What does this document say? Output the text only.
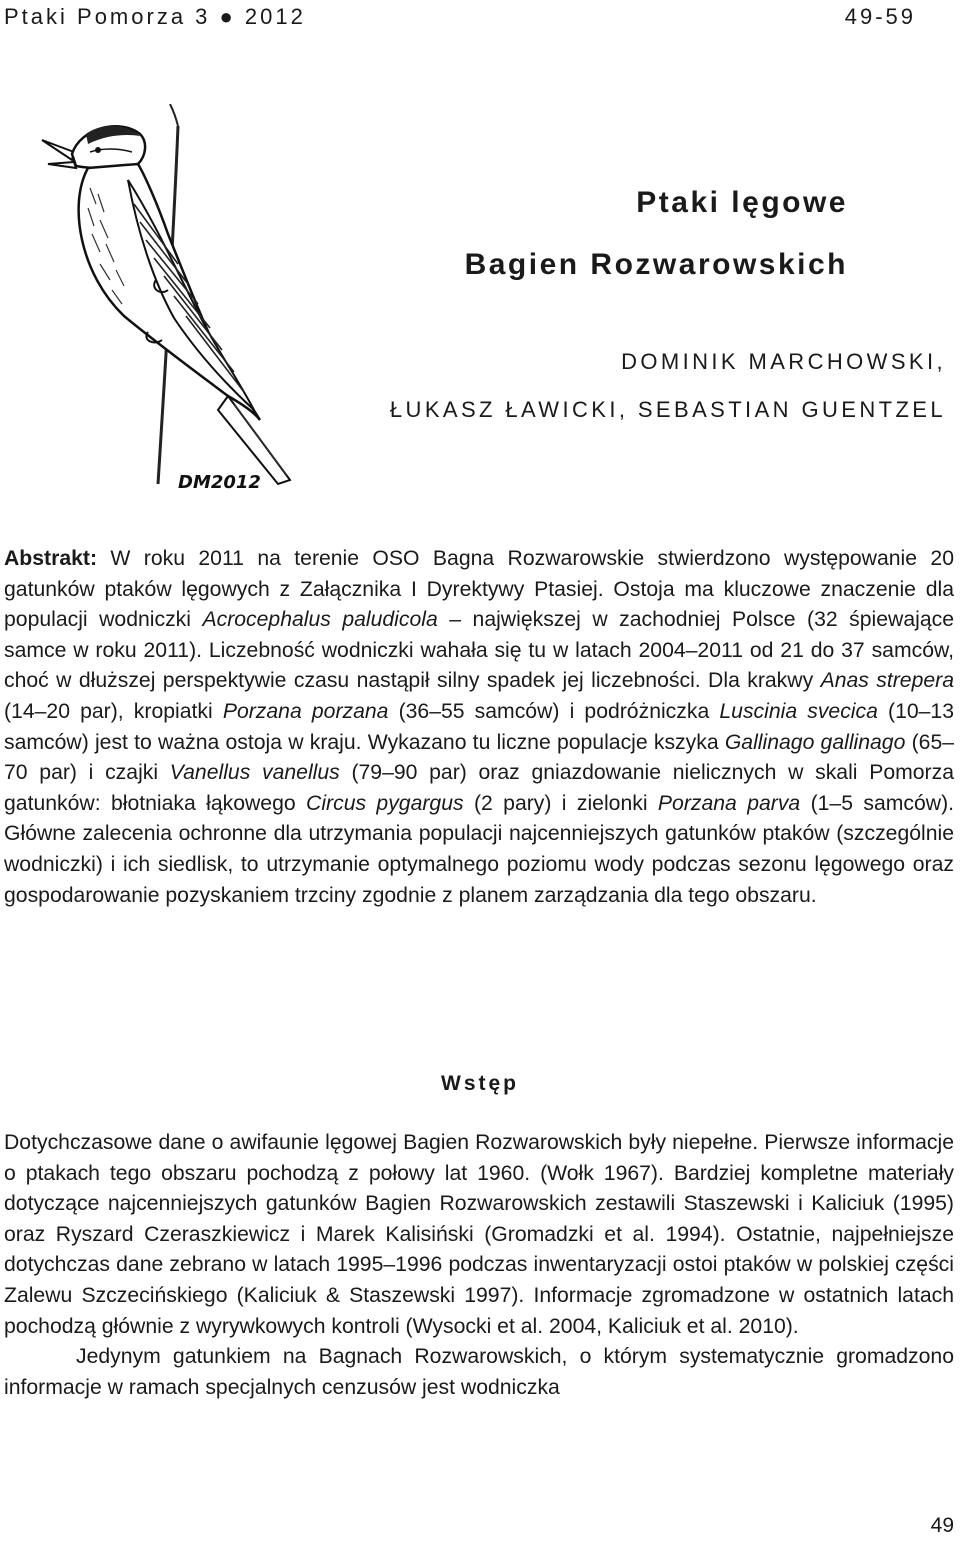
Ptaki Pomorza 3 ● 2012	49-59
DM2012
Ptaki lęgowe
Bagien Rozwarowskich
DOMINIK MARCHOWSKI,
ŁUKASZ ŁAWICKI, SEBASTIAN GUENTZEL
Abstrakt: W roku 2011 na terenie OSO Bagna Rozwarowskie stwierdzono występowanie 20 gatunków ptaków lęgowych z Załącznika I Dyrektywy Ptasiej. Ostoja ma kluczowe znaczenie dla populacji wodniczki Acrocephalus paludicola – największej w zachodniej Polsce (32 śpiewające samce w roku 2011). Liczebność wodniczki wahała się tu w latach 2004–2011 od 21 do 37 samców, choć w dłuższej perspektywie czasu nastąpił silny spadek jej liczebności. Dla krakwy Anas strepera (14–20 par), kropiatki Porzana porzana (36–55 samców) i podróżniczka Luscinia svecica (10–13 samców) jest to ważna ostoja w kraju. Wykazano tu liczne populacje kszyka Gallinago gallinago (65–70 par) i czajki Vanellus vanellus (79–90 par) oraz gniazdowanie nielicznych w skali Pomorza gatunków: błotniaka łąkowego Circus pygargus (2 pary) i zielonki Porzana parva (1–5 samców). Główne zalecenia ochronne dla utrzymania populacji najcenniejszych gatunków ptaków (szczególnie wodniczki) i ich siedlisk, to utrzymanie optymalnego poziomu wody podczas sezonu lęgowego oraz gospodarowanie pozyskaniem trzciny zgodnie z planem zarządzania dla tego obszaru.
Wstęp

Dotychczasowe dane o awifaunie lęgowej Bagien Rozwarowskich były niepełne. Pierwsze informacje o ptakach tego obszaru pochodzą z połowy lat 1960. (Wołk 1967). Bardziej kompletne materiały dotyczące najcenniejszych gatunków Bagien Rozwarowskich zestawili Staszewski i Kaliciuk (1995) oraz Ryszard Czeraszkiewicz i Marek Kalisiński (Gromadzki et al. 1994). Ostatnie, najpełniejsze dotychczas dane zebrano w latach 1995–1996 podczas inwentaryzacji ostoi ptaków w polskiej części Zalewu Szczecińskiego (Kaliciuk & Staszewski 1997). Informacje zgromadzone w ostatnich latach pochodzą głównie z wyrywkowych kontroli (Wysocki et al. 2004, Kaliciuk et al. 2010).

Jedynym gatunkiem na Bagnach Rozwarowskich, o którym systematycznie gromadzono informacje w ramach specjalnych cenzusów jest wodniczka

49
